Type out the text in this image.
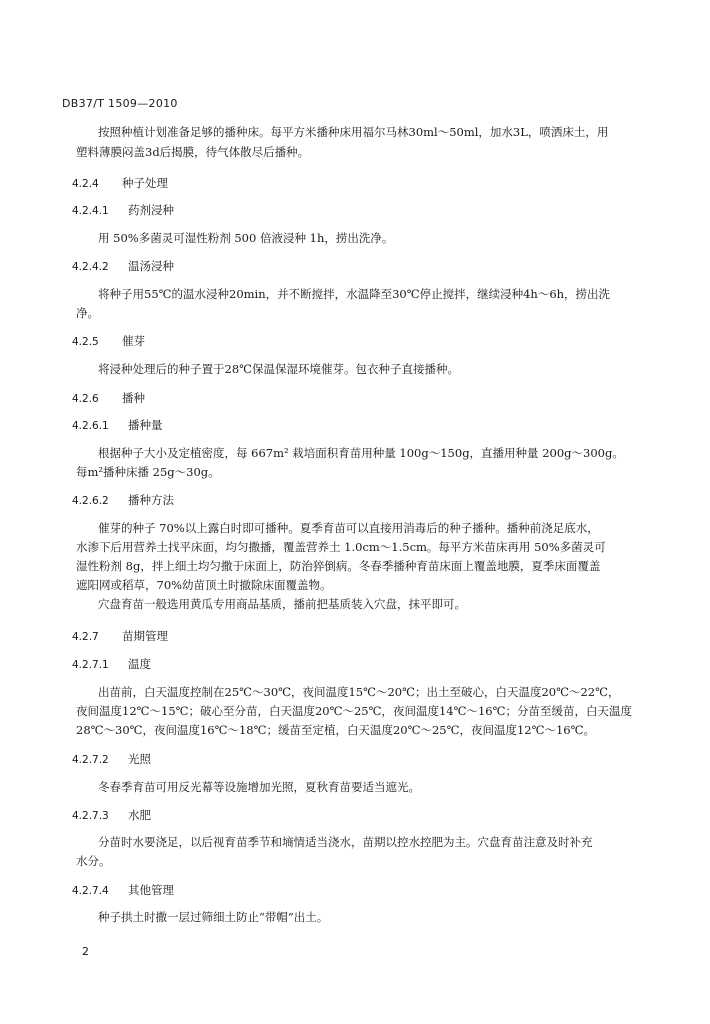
DB37/T 1509—2010
按照种植计划准备足够的播种床。每平方米播种床用福尔马林30ml～50ml，加水3L，喷洒床土，用
塑料薄膜闷盖3d后揭膜，待气体散尽后播种。
4.2.4 种子处理
4.2.4.1 药剂浸种
用 50%多菌灵可湿性粉剂 500 倍液浸种 1h，捞出洗净。
4.2.4.2 温汤浸种
将种子用55℃的温水浸种20min，并不断搅拌，水温降至30℃停止搅拌，继续浸种4h～6h，捞出洗
净。
4.2.5 催芽
将浸种处理后的种子置于28℃保温保湿环境催芽。包衣种子直接播种。
4.2.6 播种
4.2.6.1 播种量
根据种子大小及定植密度，每 667m² 栽培面积育苗用种量 100g～150g，直播用种量 200g～300g。
每m²播种床播 25g～30g。
4.2.6.2 播种方法
催芽的种子 70%以上露白时即可播种。夏季育苗可以直接用消毒后的种子播种。播种前浇足底水，
水渗下后用营养土找平床面，均匀撒播，覆盖营养土 1.0cm～1.5cm。每平方米苗床再用 50%多菌灵可
湿性粉剂 8g，拌上细土均匀撒于床面上，防治猝倒病。冬春季播种育苗床面上覆盖地膜，夏季床面覆盖
遮阳网或稻草，70%幼苗顶土时撤除床面覆盖物。
穴盘育苗一般选用黄瓜专用商品基质，播前把基质装入穴盘，抹平即可。
4.2.7 苗期管理
4.2.7.1 温度
出苗前，白天温度控制在25℃～30℃，夜间温度15℃～20℃；出土至破心，白天温度20℃～22℃，
夜间温度12℃～15℃；破心至分苗，白天温度20℃～25℃，夜间温度14℃～16℃；分苗至缓苗，白天温度
28℃～30℃，夜间温度16℃～18℃；缓苗至定植，白天温度20℃～25℃，夜间温度12℃～16℃。
4.2.7.2 光照
冬春季育苗可用反光幕等设施增加光照，夏秋育苗要适当遮光。
4.2.7.3 水肥
分苗时水要浇足，以后视育苗季节和墒情适当浇水，苗期以控水控肥为主。穴盘育苗注意及时补充
水分。
4.2.7.4 其他管理
种子拱土时撒一层过筛细土防止“带帽”出土。
2
